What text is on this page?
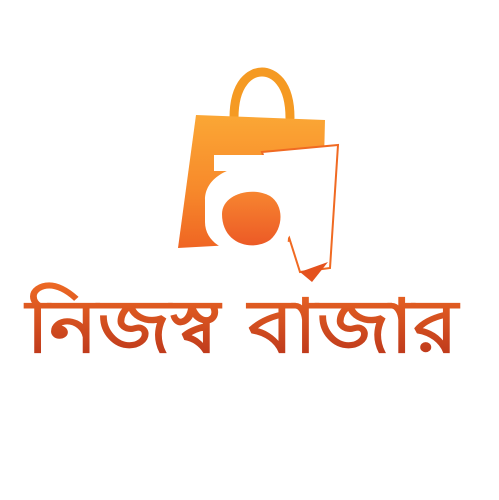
নিজস্ব বাজার
